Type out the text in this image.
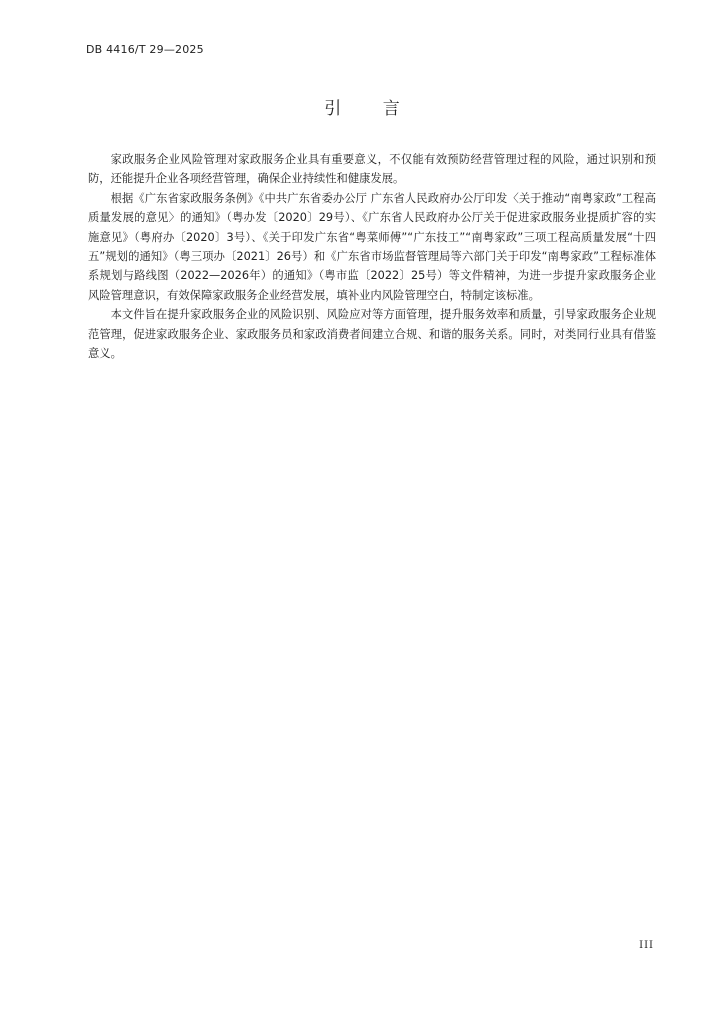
DB 4416/T 29—2025
引 言

家政服务企业风险管理对家政服务企业具有重要意义，不仅能有效预防经营管理过程的风险，通过识别和预防，还能提升企业各项经营管理，确保企业持续性和健康发展。

根据《广东省家政服务条例》《中共广东省委办公厅 广东省人民政府办公厅印发〈关于推动“南粤家政”工程高质量发展的意见〉的通知》（粤办发〔2020〕29号）、《广东省人民政府办公厅关于促进家政服务业提质扩容的实施意见》（粤府办〔2020〕3号）、《关于印发广东省“粤菜师傅”“广东技工”“南粤家政”三项工程高质量发展“十四五”规划的通知》（粤三项办〔2021〕26号）和《广东省市场监督管理局等六部门关于印发“南粤家政”工程标准体系规划与路线图（2022—2026年）的通知》（粤市监〔2022〕25号）等文件精神，为进一步提升家政服务企业风险管理意识，有效保障家政服务企业经营发展，填补业内风险管理空白，特制定该标准。

本文件旨在提升家政服务企业的风险识别、风险应对等方面管理，提升服务效率和质量，引导家政服务企业规范管理，促进家政服务企业、家政服务员和家政消费者间建立合规、和谐的服务关系。同时，对类同行业具有借鉴意义。

III
